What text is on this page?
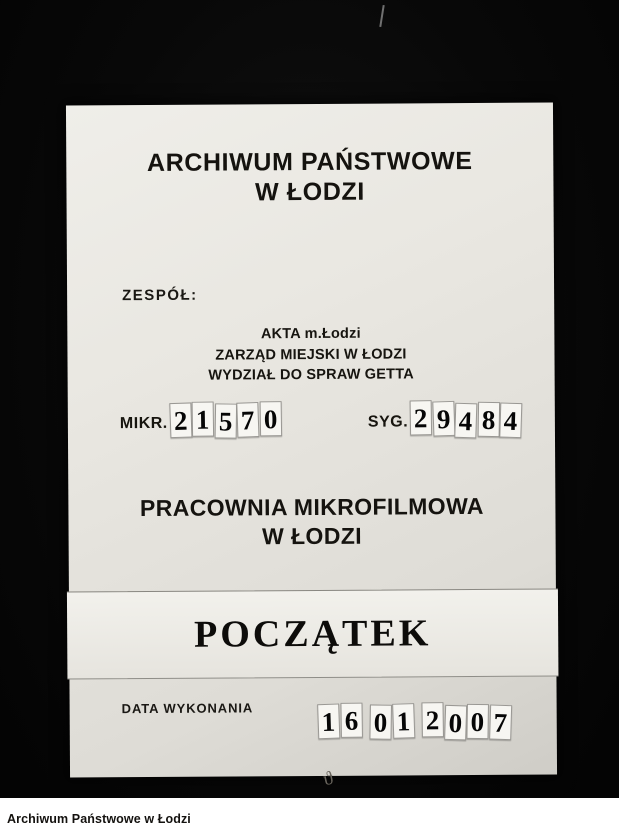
ARCHIWUM PAŃSTWOWE
W ŁODZI
ZESPÓŁ:
AKTA m.Łodzi
ZARZĄD MIEJSKI W ŁODZI
WYDZIAŁ DO SPRAW GETTA
MIKR. 2 1 5 7 0	SYG. 2 9 4 8 4
PRACOWNIA MIKROFILMOWA
W ŁODZI
POCZĄTEK
DATA WYKONANIA	1 6 0 1 2 0 0 7
ϑ
Archiwum Państwowe w Łodzi
